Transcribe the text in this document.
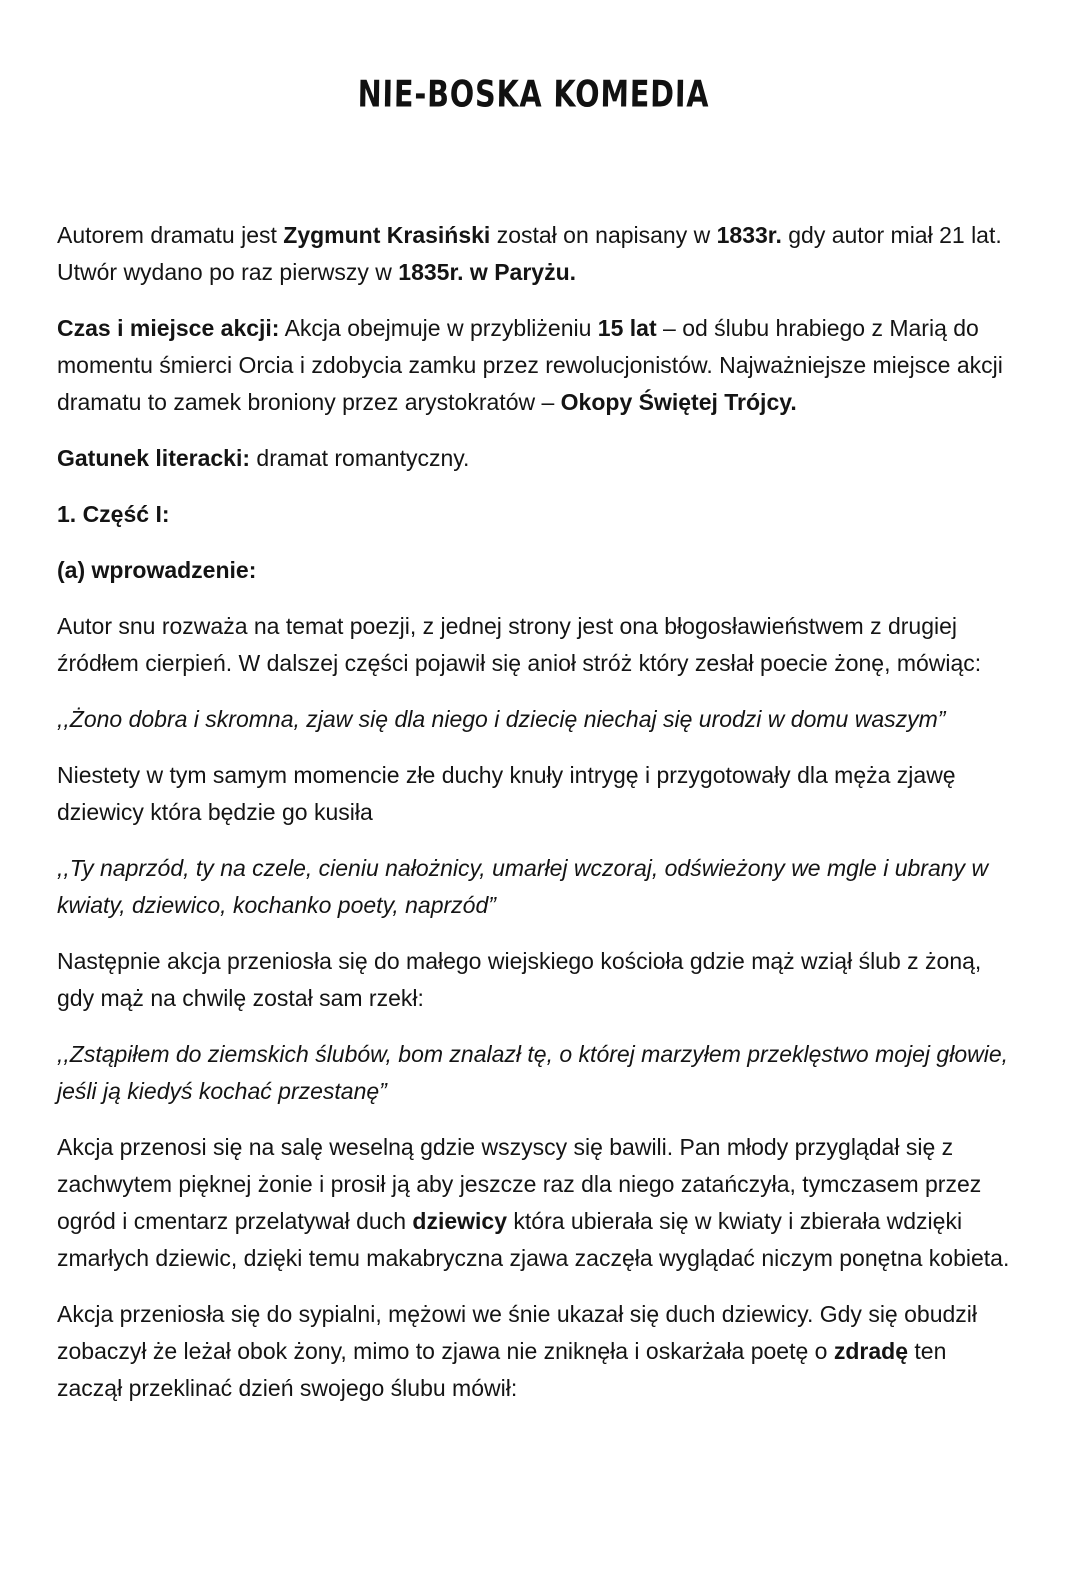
NIE-BOSKA KOMEDIA

Autorem dramatu jest Zygmunt Krasiński został on napisany w 1833r. gdy autor miał 21 lat. Utwór wydano po raz pierwszy w 1835r. w Paryżu.

Czas i miejsce akcji: Akcja obejmuje w przybliżeniu 15 lat – od ślubu hrabiego z Marią do momentu śmierci Orcia i zdobycia zamku przez rewolucjonistów. Najważniejsze miejsce akcji dramatu to zamek broniony przez arystokratów – Okopy Świętej Trójcy.

Gatunek literacki: dramat romantyczny.

1. Część I:

(a) wprowadzenie:

Autor snu rozważa na temat poezji, z jednej strony jest ona błogosławieństwem z drugiej źródłem cierpień. W dalszej części pojawił się anioł stróż który zesłał poecie żonę, mówiąc:

,,Żono dobra i skromna, zjaw się dla niego i dziecię niechaj się urodzi w domu waszym”

Niestety w tym samym momencie złe duchy knuły intrygę i przygotowały dla męża zjawę dziewicy która będzie go kusiła

,,Ty naprzód, ty na czele, cieniu nałożnicy, umarłej wczoraj, odświeżony we mgle i ubrany w kwiaty, dziewico, kochanko poety, naprzód”

Następnie akcja przeniosła się do małego wiejskiego kościoła gdzie mąż wziął ślub z żoną, gdy mąż na chwilę został sam rzekł:

,,Zstąpiłem do ziemskich ślubów, bom znalazł tę, o której marzyłem przeklęstwo mojej głowie, jeśli ją kiedyś kochać przestanę”

Akcja przenosi się na salę weselną gdzie wszyscy się bawili. Pan młody przyglądał się z zachwytem pięknej żonie i prosił ją aby jeszcze raz dla niego zatańczyła, tymczasem przez ogród i cmentarz przelatywał duch dziewicy która ubierała się w kwiaty i zbierała wdzięki zmarłych dziewic, dzięki temu makabryczna zjawa zaczęła wyglądać niczym ponętna kobieta.

Akcja przeniosła się do sypialni, mężowi we śnie ukazał się duch dziewicy. Gdy się obudził zobaczył że leżał obok żony, mimo to zjawa nie zniknęła i oskarżała poetę o zdradę ten zaczął przeklinać dzień swojego ślubu mówił:
